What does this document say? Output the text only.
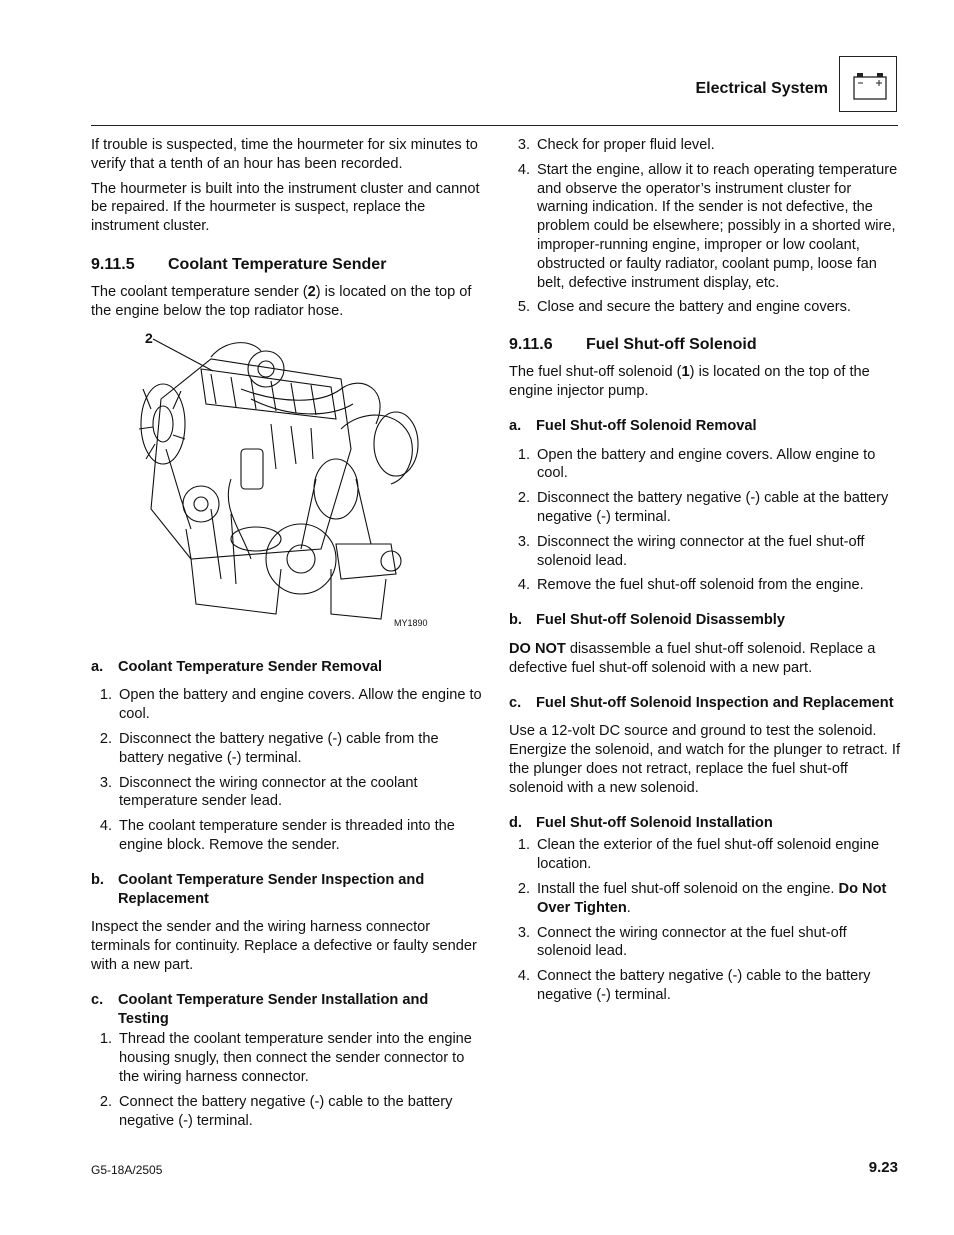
Electrical System

If trouble is suspected, time the hourmeter for six minutes to verify that a tenth of an hour has been recorded.

The hourmeter is built into the instrument cluster and cannot be repaired. If the hourmeter is suspect, replace the instrument cluster.

9.11.5 Coolant Temperature Sender

The coolant temperature sender (2) is located on the top of the engine below the top radiator hose.

2
MY1890
a.	Coolant Temperature Sender Removal
1. Open the battery and engine covers. Allow the engine to cool.
2. Disconnect the battery negative (-) cable from the battery negative (-) terminal.
3. Disconnect the wiring connector at the coolant temperature sender lead.
4. The coolant temperature sender is threaded into the engine block. Remove the sender.
b. Coolant Temperature Sender Inspection and Replacement

Inspect the sender and the wiring harness connector terminals for continuity. Replace a defective or faulty sender with a new part.

c.	Coolant Temperature Sender Installation and Testing
1. Thread the coolant temperature sender into the engine housing snugly, then connect the sender connector to the wiring harness connector.
2. Connect the battery negative (-) cable to the battery negative (-) terminal.
3. Check for proper fluid level.
4. Start the engine, allow it to reach operating temperature and observe the operator’s instrument cluster for warning indication. If the sender is not defective, the problem could be elsewhere; possibly in a shorted wire, improper-running engine, improper or low coolant, obstructed or faulty radiator, coolant pump, loose fan belt, defective instrument display, etc.
5. Close and secure the battery and engine covers.
9.11.6 Fuel Shut-off Solenoid

The fuel shut-off solenoid (1) is located on the top of the engine injector pump.

a.	Fuel Shut-off Solenoid Removal
1. Open the battery and engine covers. Allow engine to cool.
2. Disconnect the battery negative (-) cable at the battery negative (-) terminal.
3. Disconnect the wiring connector at the fuel shut-off solenoid lead.
4. Remove the fuel shut-off solenoid from the engine.
b. Fuel Shut-off Solenoid Disassembly

DO NOT disassemble a fuel shut-off solenoid. Replace a defective fuel shut-off solenoid with a new part.

c.	Fuel Shut-off Solenoid Inspection and Replacement

Use a 12-volt DC source and ground to test the solenoid. Energize the solenoid, and watch for the plunger to retract. If the plunger does not retract, replace the fuel shut-off solenoid with a new solenoid.

d. Fuel Shut-off Solenoid Installation
1. Clean the exterior of the fuel shut-off solenoid engine location.
2. Install the fuel shut-off solenoid on the engine. Do Not Over Tighten.
3. Connect the wiring connector at the fuel shut-off solenoid lead.
4. Connect the battery negative (-) cable to the battery negative (-) terminal.
G5-18A/2505	9.23
